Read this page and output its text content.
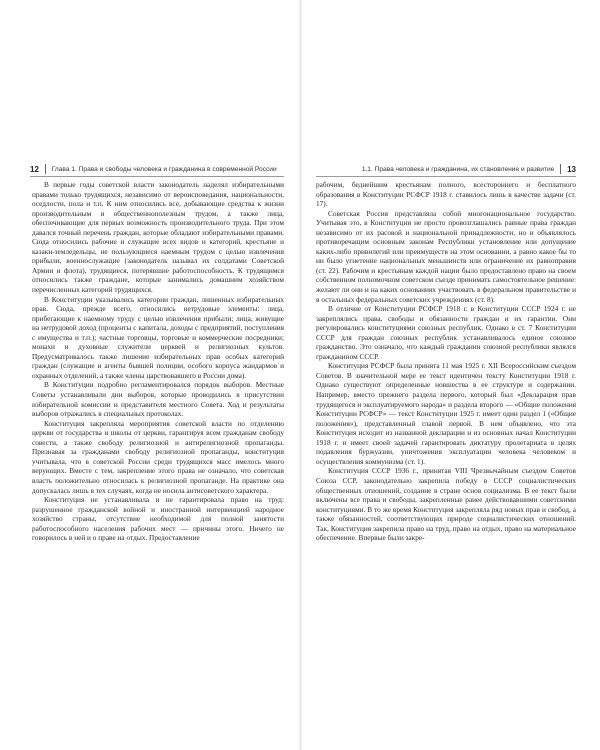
12 Глава 1. Права и свободы человека и гражданина в современной России	1.1. Права человека и гражданина, их становление и развитие 13

В первые годы советской власти законодатель наделял избирательными правами только трудящихся, независимо от вероисповедания, национальности, оседлости, пола и т.п. К ним относились все, добывающие средства к жизни производительным и общественнополезным трудом, а также лица, обеспечивающие для первых возможность производительного труда. При этом давался точный перечень граждан, которые обладают избирательными правами. Сюда относились рабочие и служащие всех видов и категорий, крестьяне и казаки-земледельцы, не пользующиеся наемным трудом с целью извлечения прибыли, военнослужащие (законодатель называл их солдатами Советской Армии и флота), трудящиеся, потерявшие работоспособность. К трудящимся относились также граждане, которые занимались домашним хозяйством перечисленных категорий трудящихся.

В Конституции указывались категории граждан, лишенных избирательных прав. Сюда, прежде всего, относились нетрудовые элементы: лица, прибегающие к наемному труду с целью извлечения прибыли; лица, живущие на нетрудовой доход (проценты с капитала, доходы с предприятий, поступления с имущества и т.п.); частные торговцы, торговые и коммерческие посредники; монахи и духовные служители церквей и религиозных культов. Предусматривалось также лишение избирательных прав особых категорий граждан (служащие и агенты бывшей полиции, особого корпуса жандармов и охранных отделений, а также члены царствовавшего в России дома).

В Конституции подробно регламентировался порядок выборов. Местные Советы устанавливали дни выборов, которые проводились в присутствии избирательной комиссии и представителя местного Совета. Ход и результаты выборов отражались в специальных протоколах.

Конституция закрепляла мероприятия советской власти по отделению церкви от государства и школы от церкви, гарантируя всем гражданам свободу совести, а также свободу религиозной и антирелигиозной пропаганды. Признавая за гражданами свободу религиозной пропаганды, конституция учитывала, что в советской России среди трудящихся масс имелось много верующих. Вместе с тем, закрепление этого права не означало, что советская власть положительно относилась к религиозной пропаганде. На практике она допускалась лишь в тех случаях, когда не носила антисоветского характера.

Конституция не устанавливала и не гарантировала право на труд: разрушенное гражданской войной и иностранной интервенцией народное хозяйство страны, отсутствие необходимой для полной занятости работоспособного населения рабочих мест — причины этого. Ничего не говорилось в ней и о праве на отдых. Предоставление

рабочим, беднейшим крестьянам полного, всестороннего и бесплатного образования в Конституции РСФСР 1918 г. ставилось лишь в качестве задачи (ст. 17).

Советская Россия представляла собой многонациональное государство. Учитывая это, в Конституции не просто провозглашались равные права граждан независимо от их расовой и национальной принадлежности, но и объявлялось противоречащим основным законам Республики установление или допущение каких-либо привилегий или преимуществ на этом основании, а равно какое бы то ни было угнетение национальных меньшинств или ограничение их равноправия (ст. 22). Рабочим и крестьянам каждой нации было предоставлено право на своем собственном полномочном советском съезде принимать самостоятельное решение: желают ли они и на каких основаниях участвовать в федеральном правительстве и в остальных федеральных советских учреждениях (ст. 8).

В отличие от Конституции РСФСР 1918 г. в Конституции СССР 1924 г. не закреплялись права, свободы и обязанности граждан и их гарантии. Они регулировались конституциями союзных республик. Однако в ст. 7 Конституции СССР для граждан союзных республик устанавливалось единое союзное гражданство. Это означало, что каждый гражданин союзной республики являлся гражданином СССР.

Конституция РСФСР была принята 11 мая 1925 г. XII Всероссийским съездом Советов. В значительной мере ее текст идентичен тексту Конституции 1918 г. Однако существуют определенные новшества в ее структуре и содержании. Например, вместо прежнего раздела первого, который был «Декларация прав трудящегося и эксплуатируемого народа» и раздела второго — «Общие положения Конституции РСФСР» — текст Конституции 1925 г. имеет один раздел 1 («Общие положения»), представленный главой первой. В нем объявлено, что эта Конституция исходит из названной декларации и из основных начал Конституции 1918 г. и имеет своей задачей гарантировать диктатуру пролетариата в целях подавления буржуазии, уничтожения эксплуатации человека человеком и осуществления коммунизма (ст. 1).

Конституция СССР 1936 г., принятая VIII Чрезвычайным съездом Советов Союза ССР, законодательно закрепила победу в СССР социалистических общественных отношений, создание в стране основ социализма. В ее текст были включены все права и свободы, закрепленные ранее действовавшими советскими конституциями. В то же время Конституция закрепляла ряд новых прав и свобод, а также обязанностей, соответствующих природе социалистических отношений. Так, Конституция закрепила право на труд, право на отдых, право на материальное обеспечение. Впервые были закре-
